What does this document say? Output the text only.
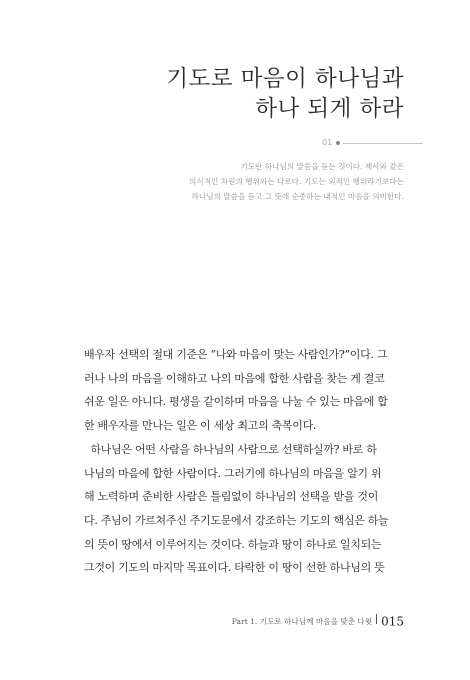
기도로 마음이 하나님과
하나 되게 하라
01
기도란 하나님의 말씀을 듣는 것이다. 제사와 같은
의식적인 차원의 행위와는 다르다. 기도는 외적인 행위라기보다는
하나님의 말씀을 듣고 그 뜻에 순종하는 내적인 마음을 의미한다.
배우자 선택의 절대 기준은 “나와 마음이 맞는 사람인가?”이다. 그
러나 나의 마음을 이해하고 나의 마음에 합한 사람을 찾는 게 결코
쉬운 일은 아니다. 평생을 같이하며 마음을 나눌 수 있는 마음에 합
한 배우자를 만나는 일은 이 세상 최고의 축복이다.
하나님은 어떤 사람을 하나님의 사람으로 선택하실까? 바로 하
나님의 마음에 합한 사람이다. 그러기에 하나님의 마음을 알기 위
해 노력하며 준비한 사람은 틀림없이 하나님의 선택을 받을 것이
다. 주님이 가르쳐주신 주기도문에서 강조하는 기도의 핵심은 하늘
의 뜻이 땅에서 이루어지는 것이다. 하늘과 땅이 하나로 일치되는
그것이 기도의 마지막 목표이다. 타락한 이 땅이 선한 하나님의 뜻
Part 1. 기도로 하나님께 마음을 맞춘 다윗 015
